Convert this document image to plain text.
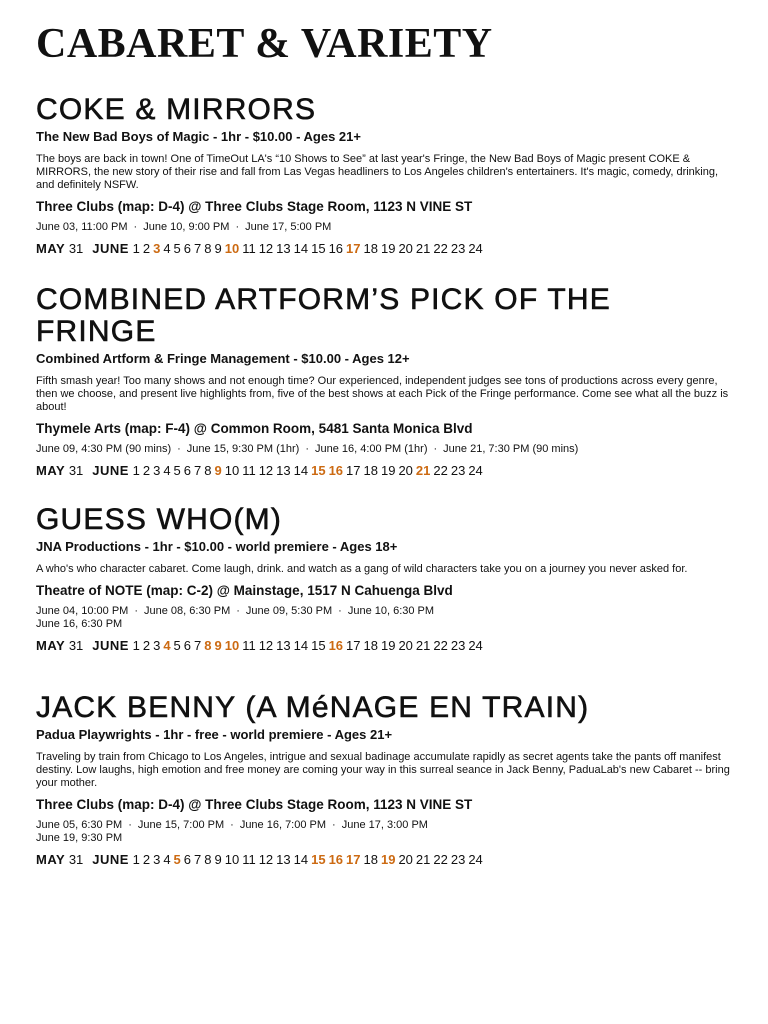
CABARET & VARIETY
COKE & MIRRORS
The New Bad Boys of Magic - 1hr - $10.00 - Ages 21+
The boys are back in town! One of TimeOut LA's “10 Shows to See” at last year's Fringe, the New Bad Boys of Magic present COKE & MIRRORS, the new story of their rise and fall from Las Vegas headliners to Los Angeles children's entertainers. It's magic, comedy, drinking, and definitely NSFW.
Three Clubs (map: D-4) @ Three Clubs Stage Room, 1123 N VINE ST
June 03, 11:00 PM · June 10, 9:00 PM · June 17, 5:00 PM
MAY 31 JUNE 1 2 3 4 5 6 7 8 9 10 11 12 13 14 15 16 17 18 19 20 21 22 23 24
COMBINED ARTFORM’S PICK OF THE FRINGE
Combined Artform & Fringe Management - $10.00 - Ages 12+
Fifth smash year! Too many shows and not enough time? Our experienced, independent judges see tons of productions across every genre, then we choose, and present live highlights from, five of the best shows at each Pick of the Fringe performance. Come see what all the buzz is about!
Thymele Arts (map: F-4) @ Common Room, 5481 Santa Monica Blvd
June 09, 4:30 PM (90 mins) · June 15, 9:30 PM (1hr) · June 16, 4:00 PM (1hr) · June 21, 7:30 PM (90 mins)
MAY 31 JUNE 1 2 3 4 5 6 7 8 9 10 11 12 13 14 15 16 17 18 19 20 21 22 23 24
GUESS WHO(M)
JNA Productions - 1hr - $10.00 - world premiere - Ages 18+
A who's who character cabaret. Come laugh, drink. and watch as a gang of wild characters take you on a journey you never asked for.
Theatre of NOTE (map: C-2) @ Mainstage, 1517 N Cahuenga Blvd
June 04, 10:00 PM · June 08, 6:30 PM · June 09, 5:30 PM · June 10, 6:30 PM
June 16, 6:30 PM
MAY 31 JUNE 1 2 3 4 5 6 7 8 9 10 11 12 13 14 15 16 17 18 19 20 21 22 23 24
JACK BENNY (A MéNAGE EN TRAIN)
Padua Playwrights - 1hr - free - world premiere - Ages 21+
Traveling by train from Chicago to Los Angeles, intrigue and sexual badinage accumulate rapidly as secret agents take the pants off manifest destiny. Low laughs, high emotion and free money are coming your way in this surreal seance in Jack Benny, PaduaLab's new Cabaret -- bring your mother.
Three Clubs (map: D-4) @ Three Clubs Stage Room, 1123 N VINE ST
June 05, 6:30 PM · June 15, 7:00 PM · June 16, 7:00 PM · June 17, 3:00 PM
June 19, 9:30 PM
MAY 31 JUNE 1 2 3 4 5 6 7 8 9 10 11 12 13 14 15 16 17 18 19 20 21 22 23 24
